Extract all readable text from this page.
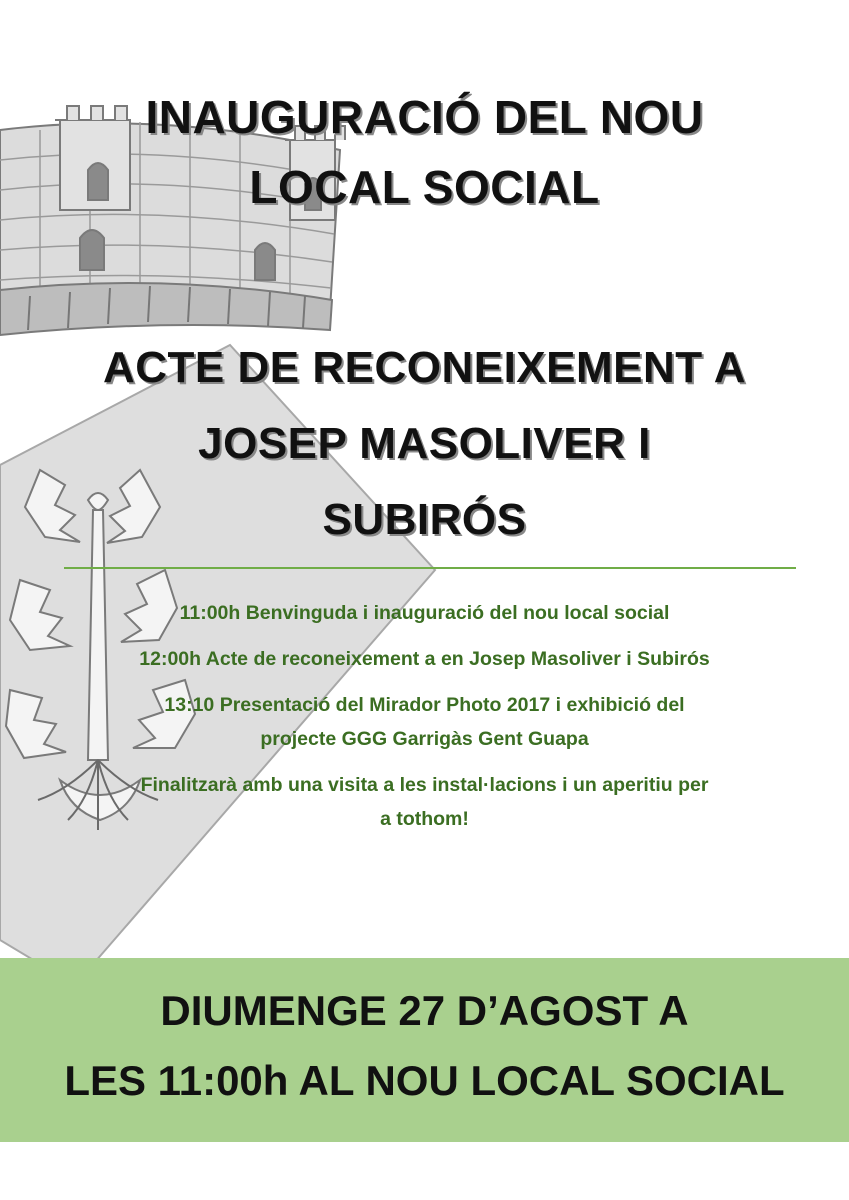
INAUGURACIÓ DEL NOU
LOCAL SOCIAL
ACTE DE RECONEIXEMENT A
JOSEP MASOLIVER I
SUBIRÓS
11:00h Benvinguda i inauguració del nou local social
12:00h Acte de reconeixement a en Josep Masoliver i Subirós
13:10 Presentació del Mirador Photo 2017 i exhibició del
projecte GGG Garrigàs Gent Guapa
Finalitzarà amb una visita a les instal·lacions i un aperitiu per
a tothom!
DIUMENGE 27 D’AGOST A
LES 11:00h AL NOU LOCAL SOCIAL
